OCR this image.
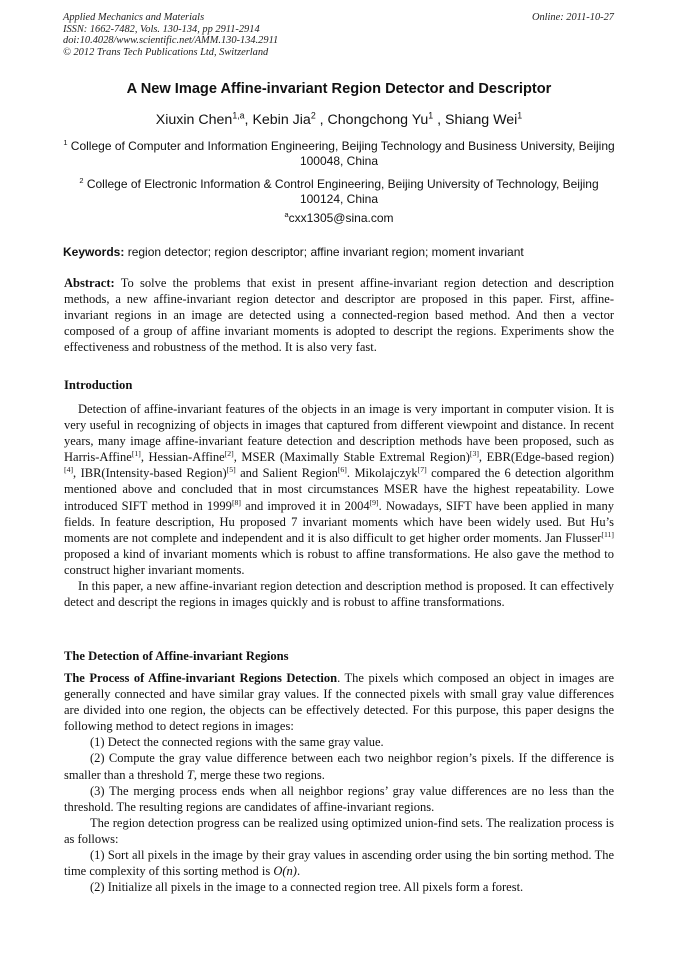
Applied Mechanics and Materials
ISSN: 1662-7482, Vols. 130-134, pp 2911-2914
doi:10.4028/www.scientific.net/AMM.130-134.2911
© 2012 Trans Tech Publications Ltd, Switzerland
Online: 2011-10-27
A New Image Affine-invariant Region Detector and Descriptor
Xiuxin Chen$^{1,a}$, Kebin Jia$^2$ , Chongchong Yu$^1$ , Shiang Wei$^1$
$^1$ College of Computer and Information Engineering, Beijing Technology and Business University, Beijing 100048, China
$^2$ College of Electronic Information & Control Engineering, Beijing University of Technology, Beijing 100124, China
$^a$cxx1305@sina.com
Keywords: region detector; region descriptor; affine invariant region; moment invariant

Abstract: To solve the problems that exist in present affine-invariant region detection and description methods, a new affine-invariant region detector and descriptor are proposed in this paper. First, affine-invariant regions in an image are detected using a connected-region based method. And then a vector composed of a group of affine invariant moments is adopted to descript the regions. Experiments show the effectiveness and robustness of the method. It is also very fast.

Introduction

Detection of affine-invariant features of the objects in an image is very important in computer vision. It is very useful in recognizing of objects in images that captured from different viewpoint and distance. In recent years, many image affine-invariant feature detection and description methods have been proposed, such as Harris-Affine[1], Hessian-Affine[2], MSER (Maximally Stable Extremal Region)[3], EBR(Edge-based region)[4], IBR(Intensity-based Region)[5] and Salient Region[6]. Mikolajczyk[7] compared the 6 detection algorithm mentioned above and concluded that in most circumstances MSER have the highest repeatability. Lowe introduced SIFT method in 1999[8] and improved it in 2004[9]. Nowadays, SIFT have been applied in many fields. In feature description, Hu proposed 7 invariant moments which have been widely used. But Hu’s moments are not complete and independent and it is also difficult to get higher order moments. Jan Flusser[11] proposed a kind of invariant moments which is robust to affine transformations. He also gave the method to construct higher invariant moments.

In this paper, a new affine-invariant region detection and description method is proposed. It can effectively detect and descript the regions in images quickly and is robust to affine transformations.

The Detection of Affine-invariant Regions

The Process of Affine-invariant Regions Detection. The pixels which composed an object in images are generally connected and have similar gray values. If the connected pixels with small gray value differences are divided into one region, the objects can be effectively detected. For this purpose, this paper designs the following method to detect regions in images:

(1) Detect the connected regions with the same gray value.

(2) Compute the gray value difference between each two neighbor region’s pixels. If the difference is smaller than a threshold T, merge these two regions.

(3) The merging process ends when all neighbor regions’ gray value differences are no less than the threshold. The resulting regions are candidates of affine-invariant regions.

The region detection progress can be realized using optimized union-find sets. The realization process is as follows:

(1) Sort all pixels in the image by their gray values in ascending order using the bin sorting method. The time complexity of this sorting method is O(n).

(2) Initialize all pixels in the image to a connected region tree. All pixels form a forest.
